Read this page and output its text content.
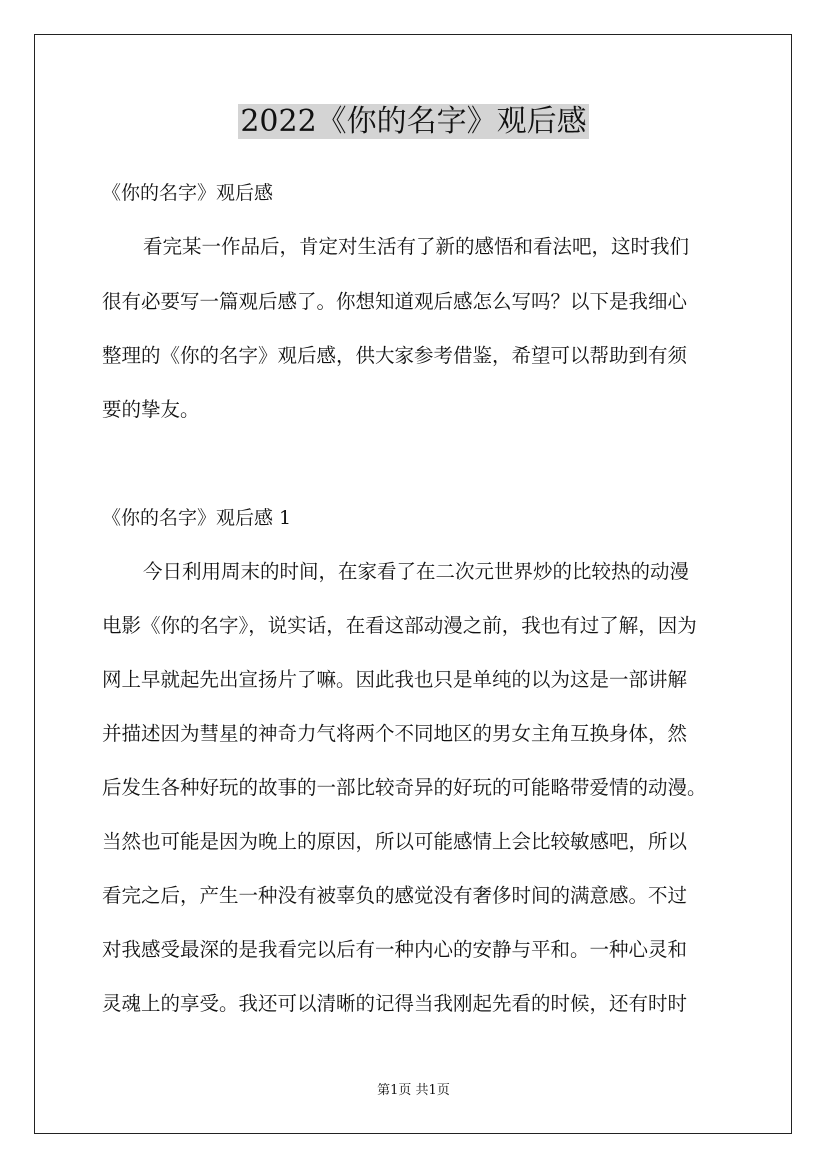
2022《你的名字》观后感
《你的名字》观后感
看完某一作品后，肯定对生活有了新的感悟和看法吧，这时我们
很有必要写一篇观后感了。你想知道观后感怎么写吗？以下是我细心
整理的《你的名字》观后感，供大家参考借鉴，希望可以帮助到有须
要的挚友。
《你的名字》观后感 1
今日利用周末的时间，在家看了在二次元世界炒的比较热的动漫
电影《你的名字》，说实话，在看这部动漫之前，我也有过了解，因为
网上早就起先出宣扬片了嘛。因此我也只是单纯的以为这是一部讲解
并描述因为彗星的神奇力气将两个不同地区的男女主角互换身体，然
后发生各种好玩的故事的一部比较奇异的好玩的可能略带爱情的动漫。
当然也可能是因为晚上的原因，所以可能感情上会比较敏感吧，所以
看完之后，产生一种没有被辜负的感觉没有奢侈时间的满意感。不过
对我感受最深的是我看完以后有一种内心的安静与平和。一种心灵和
灵魂上的享受。我还可以清晰的记得当我刚起先看的时候，还有时时
第1页 共1页
